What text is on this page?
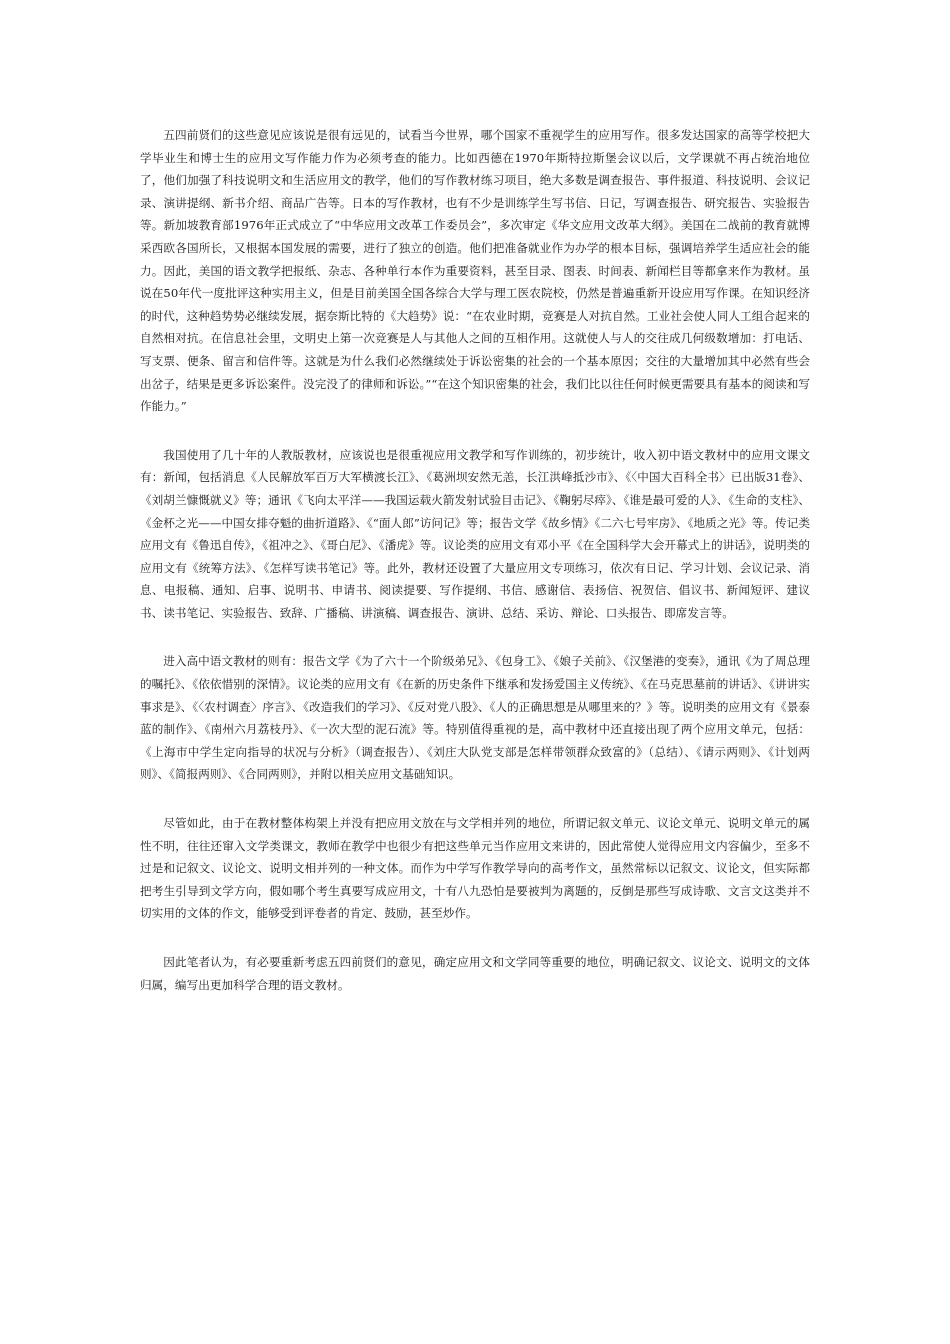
五四前贤们的这些意见应该说是很有远见的，试看当今世界，哪个国家不重视学生的应用写作。很多发达国家的高等学校把大学毕业生和博士生的应用文写作能力作为必须考查的能力。比如西德在1970年斯特拉斯堡会议以后，文学课就不再占统治地位了，他们加强了科技说明文和生活应用文的教学，他们的写作教材练习项目，绝大多数是调查报告、事件报道、科技说明、会议记录、演讲提纲、新书介绍、商品广告等。日本的写作教材，也有不少是训练学生写书信、日记，写调查报告、研究报告、实验报告等。新加坡教育部1976年正式成立了“中华应用文改革工作委员会”，多次审定《华文应用文改革大纲》。美国在二战前的教育就博采西欧各国所长，又根据本国发展的需要，进行了独立的创造。他们把准备就业作为办学的根本目标，强调培养学生适应社会的能力。因此，美国的语文教学把报纸、杂志、各种单行本作为重要资料，甚至目录、图表、时间表、新闻栏目等都拿来作为教材。虽说在50年代一度批评这种实用主义，但是目前美国全国各综合大学与理工医农院校，仍然是普遍重新开设应用写作课。在知识经济的时代，这种趋势势必继续发展，据奈斯比特的《大趋势》说：“在农业时期，竞赛是人对抗自然。工业社会使人同人工组合起来的自然相对抗。在信息社会里，文明史上第一次竞赛是人与其他人之间的互相作用。这就使人与人的交往成几何级数增加：打电话、写支票、便条、留言和信件等。这就是为什么我们必然继续处于诉讼密集的社会的一个基本原因；交往的大量增加其中必然有些会出岔子，结果是更多诉讼案件。没完没了的律师和诉讼。”“在这个知识密集的社会，我们比以往任何时候更需要具有基本的阅读和写作能力。”

我国使用了几十年的人教版教材，应该说也是很重视应用文教学和写作训练的，初步统计，收入初中语文教材中的应用文课文有：新闻，包括消息《人民解放军百万大军横渡长江》、《葛洲坝安然无恙，长江洪峰抵沙市》、《〈中国大百科全书〉已出版31卷》、《刘胡兰慷慨就义》等；通讯《飞向太平洋——我国运载火箭发射试验目击记》、《鞠躬尽瘁》、《谁是最可爱的人》、《生命的支柱》、《金杯之光——中国女排夺魁的曲折道路》、《“面人郎”访问记》等；报告文学《故乡情》《二六七号牢房》、《地质之光》等。传记类应用文有《鲁迅自传》，《祖冲之》、《哥白尼》、《潘虎》等。议论类的应用文有邓小平《在全国科学大会开幕式上的讲话》，说明类的应用文有《统筹方法》、《怎样写读书笔记》等。此外，教材还设置了大量应用文专项练习，依次有日记、学习计划、会议记录、消息、电报稿、通知、启事、说明书、申请书、阅读提要、写作提纲、书信、感谢信、表扬信、祝贺信、倡议书、新闻短评、建议书、读书笔记、实验报告、致辞、广播稿、讲演稿、调查报告、演讲、总结、采访、辩论、口头报告、即席发言等。

进入高中语文教材的则有：报告文学《为了六十一个阶级弟兄》、《包身工》、《娘子关前》、《汉堡港的变奏》，通讯《为了周总理的嘱托》、《依依惜别的深情》。议论类的应用文有《在新的历史条件下继承和发扬爱国主义传统》、《在马克思墓前的讲话》、《讲讲实事求是》、《〈农村调查〉序言》、《改造我们的学习》、《反对党八股》、《人的正确思想是从哪里来的？》等。说明类的应用文有《景泰蓝的制作》、《南州六月荔枝丹》、《一次大型的泥石流》等。特别值得重视的是，高中教材中还直接出现了两个应用文单元，包括：《上海市中学生定向指导的状况与分析》（调查报告）、《刘庄大队党支部是怎样带领群众致富的》（总结）、《请示两则》、《计划两则》、《简报两则》、《合同两则》，并附以相关应用文基础知识。

尽管如此，由于在教材整体构架上并没有把应用文放在与文学相并列的地位，所谓记叙文单元、议论文单元、说明文单元的属性不明，往往还窜入文学类课文，教师在教学中也很少有把这些单元当作应用文来讲的，因此常使人觉得应用文内容偏少，至多不过是和记叙文、议论文、说明文相并列的一种文体。而作为中学写作教学导向的高考作文，虽然常标以记叙文、议论文，但实际都把考生引导到文学方向，假如哪个考生真要写成应用文，十有八九恐怕是要被判为离题的，反倒是那些写成诗歌、文言文这类并不切实用的文体的作文，能够受到评卷者的肯定、鼓励，甚至炒作。

因此笔者认为，有必要重新考虑五四前贤们的意见，确定应用文和文学同等重要的地位，明确记叙文、议论文、说明文的文体归属，编写出更加科学合理的语文教材。
